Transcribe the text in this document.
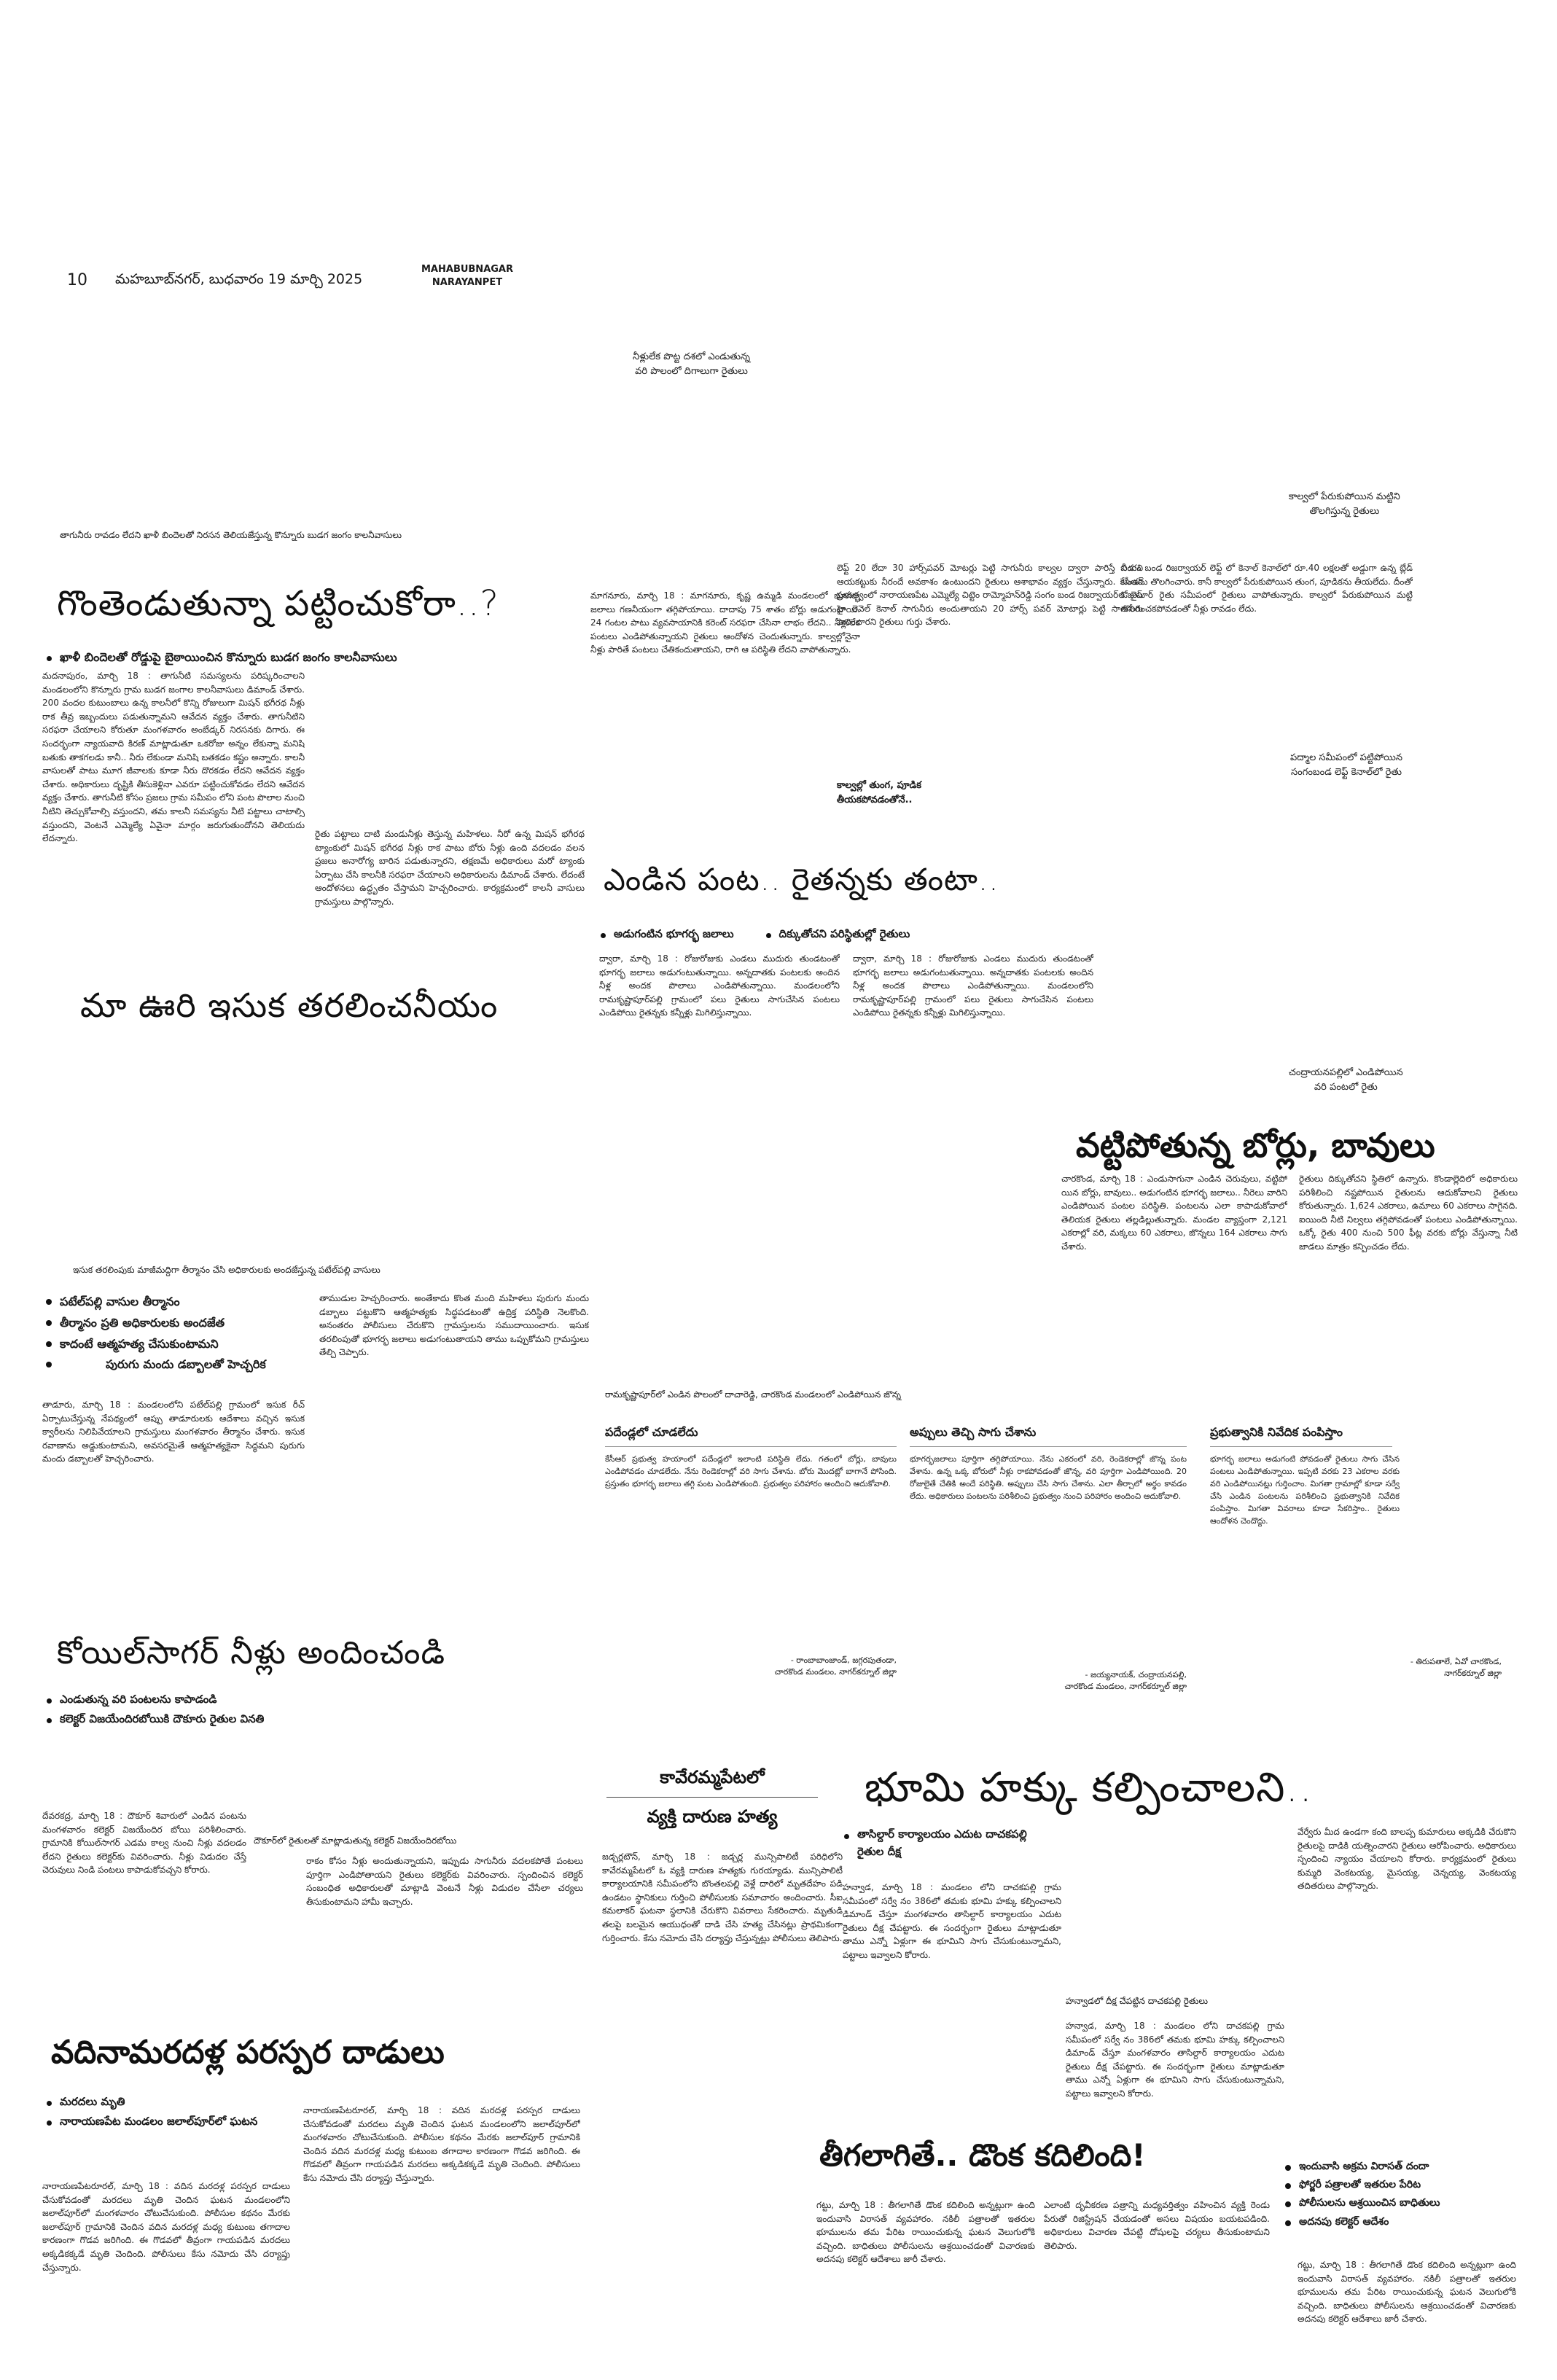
10 మహబూబ్‌నగర్, బుధవారం 19 మార్చి 2025
MAHABUBNAGAR
NARAYANPET
నీళ్లులేక పొట్ట దశలో ఎండుతున్న
వరి పొలంలో దిగాలుగా రైతులు
కాల్వలో పేరుకుపోయిన మట్టిని
తొలగిస్తున్న రైతులు
తాగునీరు రావడం లేదని ఖాళీ బిందెలతో నిరసన తెలియజేస్తున్న కొన్నూరు బుడగ జంగం కాలనీవాసులు
గొంతెండుతున్నా పట్టించుకోరా..?
ఖాళీ బిందెలతో రోడ్డుపై బైఠాయించిన కొన్నూరు బుడగ జంగం కాలనీవాసులు
మదనాపురం, మార్చి 18 : తాగునీటి సమస్యలను పరిష్కరించాలని మండలంలోని కొన్నూరు గ్రామ బుడగ జంగాల కాలనీవాసులు డిమాండ్ చేశారు. 200 వందల కుటుంబాలు ఉన్న కాలనీలో కొన్ని రోజులుగా మిషన్ భగీరథ నీళ్లు రాక తీవ్ర ఇబ్బందులు పడుతున్నామని ఆవేదన వ్యక్తం చేశారు. తాగునీటిని సరఫరా చేయాలని కోరుతూ మంగళవారం అంబేడ్కర్ నిరసనకు దిగారు. ఈ సందర్భంగా న్యాయవాది కిరణ్ మాట్లాడుతూ ఒకరోజు అన్నం లేకున్నా మనిషి బతుకు తాకగలడు కానీ.. నీరు లేకుండా మనిషి బతకడం కష్టం అన్నారు. కాలనీ వాసులతో పాటు మూగ జీవాలకు కూడా నీరు దొరకడం లేదని ఆవేదన వ్యక్తం చేశారు. అధికారులు దృష్టికి తీసుకెళ్లినా ఎవరూ పట్టించుకోవడం లేదని ఆవేదన వ్యక్తం చేశారు. తాగునీటి కోసం ప్రజలు గ్రామ సమీపం లోని పంట పొలాల నుంచి నీటిని తెచ్చుకోవాల్సి వస్తుందని, తమ కాలనీ సమస్యను నీటి పట్టాలు చాటాల్సి వస్తుందని, వెంటనే ఎమ్మెల్యే ఏవైనా మార్గం జరుగుతుందోనని తెలియదు లేదన్నారు.	రైతు పట్టాలు దాటి మండునీళ్లు తెస్తున్న మహిళలు. నీరో ఉన్న మిషన్ భగీరథ ట్యాంకులో మిషన్ భగీరథ నీళ్లు రాక పాటు బోరు నీళ్లు ఉంది వదలడం వలన ప్రజలు అనారోగ్య బారిన పడుతున్నారని, తక్షణమే అధికారులు మరో ట్యాంకు ఏర్పాటు చేసి కాలనీకి సరఫరా చేయాలని అధికారులను డిమాండ్ చేశారు. లేదంటే ఆందోళనలు ఉద్ధృతం చేస్తామని హెచ్చరించారు. కార్యక్రమంలో కాలనీ వాసులు గ్రామస్తులు పాల్గొన్నారు.
మా ఊరి ఇసుక తరలించనీయం
మాగనూరు, మార్చి 18 : మాగనూరు, కృష్ణ ఉమ్మడి మండలంలో భూగర్భ జలాలు గణనీయంగా తగ్గిపోయాయి. దాదాపు 75 శాతం బోర్లు అడుగంటాయి. 24 గంటల పాటు వ్యవసాయానికి కరెంట్ సరఫరా చేసినా లాభం లేదని.. నీళ్లులేక పంటలు ఎండిపోతున్నాయని రైతులు ఆందోళన చెందుతున్నారు. కాల్వల్లోనైనా నీళ్లు పారితే పంటలు చేతికందుతాయని, రాగి ఆ పరిస్థితి లేదని వాపోతున్నారు.
లెఫ్ట్ 20 లేదా 30 హార్స్‌పవర్ మోటర్లు పెట్టి సాగునీరు కాల్వల ద్వారా పారిస్తే బీడుని ఆయకట్టుకు నీరందే అవకాశం ఉంటుందని రైతులు ఆశాభావం వ్యక్తం చేస్తున్నారు. కేసీఆర్ ప్రభుత్వంలో నారాయణపేట ఎమ్మెల్యే చిట్టెం రామ్మోహన్‌రెడ్డి సంగం బండ రిజర్వాయర్‌లో బైస్ హై లెవెల్ కెనాల్ సాగునీరు అందుతాయని 20 హార్స్ పవర్ మోటార్లు పెట్టి సాగునీరు పారించారని రైతులు గుర్తు చేశారు.
కాల్వల్లో తుంగ, పూడిక తీయకపోవడంతోనే..
సంగం బండ రిజర్వాయర్ లెఫ్ట్ లో కెనాల్ కెనాల్‌లో రూ.40 లక్షలతో అడ్డుగా ఉన్న బ్లేడ్ బండను తొలగించారు. కానీ కాల్వలో పేరుకుపోయిన తుంగ, పూడికను తీయలేదు. దీంతో ఓజులూర్ రైతు సమీపంలో రైతులు వాపోతున్నారు. కాల్వలో పేరుకుపోయిన మట్టి తొలగించకపోవడంతో నీళ్లు రావడం లేదు.
పద్మాల సమీపంలో పట్టిపోయిన
సంగంబండ లెఫ్ట్ కెనాల్‌లో రైతు
ఎండిన పంట.. రైతన్నకు తంటా..
అడుగంటిన భూగర్భ జలాలు	దిక్కుతోచని పరిస్థితుల్లో రైతులు
ద్వారా, మార్చి 18 : రోజురోజుకు ఎండలు ముదురు తుండటంతో భూగర్భ జలాలు అడుగంటుతున్నాయి. అన్నదాతకు పంటలకు అందిన నీళ్ల అందక పొలాలు ఎండిపోతున్నాయి. మండలంలోని రామకృష్ణాపూర్‌పల్లి గ్రామంలో పలు రైతులు సాగుచేసిన పంటలు ఎండిపోయి రైతన్నకు కన్నీళ్లు మిగిలిస్తున్నాయి.
ద్వారా, మార్చి 18 : రోజురోజుకు ఎండలు ముదురు తుండటంతో భూగర్భ జలాలు అడుగంటుతున్నాయి. అన్నదాతకు పంటలకు అందిన నీళ్ల అందక పొలాలు ఎండిపోతున్నాయి. మండలంలోని రామకృష్ణాపూర్‌పల్లి గ్రామంలో పలు రైతులు సాగుచేసిన పంటలు ఎండిపోయి రైతన్నకు కన్నీళ్లు మిగిలిస్తున్నాయి.
చంద్రాయనపల్లిలో ఎండిపోయిన
వరి పంటలో రైతు
వట్టిపోతున్న బోర్లు, బావులు
చారకొండ, మార్చి 18 : ఎండుసాగునా ఎండిన చెరువులు, వట్టిపో యిన బోర్లు, బావులు.. అడుగంటిన భూగర్భ జలాలు.. నీరెలు వారిని ఎండిపోయిన పంటల పరిస్థితి. పంటలను ఎలా కాపాడుకోవాలో తెలియక రైతులు తల్లడిల్లుతున్నారు. మండల వ్యాప్తంగా 2,121 ఎకరాల్లో వరి, మక్కలు 60 ఎకరాలు, జొన్నలు 164 ఎకరాలు సాగు చేశారు.
రైతులు దిక్కుతోచని స్థితిలో ఉన్నారు. కొండాల్లెదిలో అధికారులు పరిశీలించి నష్టపోయిన రైతులను ఆదుకోవాలని రైతులు కోరుతున్నారు. 1,624 ఎకరాలు, ఉమాలు 60 ఎకరాలు సాగైనది. ఐయింది నీటి నిల్వలు తగ్గిపోవడంతో పంటలు ఎండిపోతున్నాయి. ఒక్కో రైతు 400 నుంచి 500 ఫీట్ల వరకు బోర్లు వేస్తున్నా నీటి జాడలు మాత్రం కన్పించడం లేదు.
ఇసుక తరలింపుకు మాజీమద్దిగా తీర్మానం చేసి అధికారులకు అందజేస్తున్న పటేల్‌పల్లి వాసులు
పటేల్‌పల్లి వాసుల తీర్మానం
తీర్మానం ప్రతి అధికారులకు అందజేత
కాదంటే ఆత్మహత్య చేసుకుంటామని
పురుగు మందు డబ్బాలతో హెచ్చరిక
తాడూరు, మార్చి 18 : మండలంలోని పటేల్‌పల్లి గ్రామంలో ఇసుక రీచ్ ఏర్పాటుచేస్తున్న నేపథ్యంలో ఆప్పు తాడూరులకు ఆదేశాలు వచ్చిన ఇసుక క్వారీలను నిలిపివేయాలని గ్రామస్తులు మంగళవారం తీర్మానం చేశారు. ఇసుక రవాణాను అడ్డుకుంటామని, అవసరమైతే ఆత్మహత్యకైనా సిద్ధమని పురుగు మందు డబ్బాలతో హెచ్చరించారు.
తాముడుల హెచ్చరించారు. అంతేకాదు కొంత మంది మహిళలు పురుగు మందు డబ్బాలు పట్టుకొని ఆత్మహత్యకు సిద్ధపడటంతో ఉద్రిక్త పరిస్థితి నెలకొంది. అనంతరం పోలీసులు చేరుకొని గ్రామస్తులను సముదాయించారు. ఇసుక తరలింపుతో భూగర్భ జలాలు అడుగంటుతాయని తాము ఒప్పుకోమని గ్రామస్తులు తేల్చి చెప్పారు.
రామకృష్ణాపూర్‌లో ఎండిన పొలంలో దాచారెడ్డి, చారకొండ మండలంలో ఎండిపోయిన జొన్న
పదేండ్లలో చూడలేదు
కేసీఆర్ ప్రభుత్వ హయాంలో పదేండ్లలో ఇలాంటి పరిస్థితి లేదు. గతంలో బోర్లు, బావులు ఎండిపోవడం చూడలేదు. నేను రెండెకరాల్లో వరి సాగు చేశాను. బోరు మొదట్లో బాగానే పోసింది. ప్రస్తుతం భూగర్భ జలాలు తగ్గి పంట ఎండిపోతుంది. ప్రభుత్వం పరిహారం అందించి ఆదుకోవాలి.
- రాంబాబాంజాండ్, జగ్గరపుతండా,
చారకొండ మండలం, నాగర్‌కర్నూల్ జిల్లా
అప్పులు తెచ్చి సాగు చేశాను
భూగర్భజలాలు పూర్తిగా తగ్గిపోయాయి. నేను ఎకరంలో వరి, రెండెకరాల్లో జొన్న పంట వేశాను. ఉన్న ఒక్క బోరులో నీళ్లు రాకపోవడంతో జొన్న, వరి పూర్తిగా ఎండిపోయింది. 20 రోజులైతే చేతికి అందే పరిస్థితి. అప్పులు చేసి సాగు చేశాను. ఎలా తీర్చాలో అర్థం కావడం లేదు. అధికారులు పంటలను పరిశీలించి ప్రభుత్వం నుంచి పరిహారం అందించి ఆదుకోవాలి.
- జయ్యనాయక్, చంద్రాయనపల్లి,
చారకొండ మండలం, నాగర్‌కర్నూల్ జిల్లా
ప్రభుత్వానికి నివేదిక పంపిస్తాం
భూగర్భ జలాలు అడుగంటి పోవడంతో రైతులు సాగు చేసిన పంటలు ఎండిపోతున్నాయి. ఇప్పటి వరకు 23 ఎకరాల వరకు వరి ఎండిపోయినట్లు గుర్తించాం. మిగతా గ్రామాల్లో కూడా సర్వే చేసి ఎండిన పంటలను పరిశీలించి ప్రభుత్వానికి నివేదిక పంపిస్తాం. మిగతా వివరాలు కూడా సేకరిస్తాం.. రైతులు ఆందోళన చెందొద్దు.
- తిరుపతాలే, ఏవో చారకొండ,
నాగర్‌కర్నూల్ జిల్లా
కోయిల్‌సాగర్ నీళ్లు అందించండి
ఎండుతున్న వరి పంటలను కాపాడండి
కలెక్టర్ విజయేందిరబోయికి దౌకూరు రైతుల వినతి
దేవరకద్ర, మార్చి 18 : దౌకూర్ శివారులో ఎండిన పంటను మంగళవారం కలెక్టర్ విజయేందిర బోయి పరిశీలించారు. గ్రామానికి కోయిల్‌సాగర్ ఎడమ కాల్వ నుంచి నీళ్లు వదలడం లేదని రైతులు కలెక్టర్‌కు వివరించారు. నీళ్లు విడుదల చేస్తే చెరువులు నిండి పంటలు కాపాడుకోవచ్చని కోరారు.
దౌకూర్‌లో రైతులతో మాట్లాడుతున్న కలెక్టర్ విజయేందిరబోయి
రాకం కోసం నీళ్లు అందుతున్నాయని, ఇప్పుడు సాగునీరు వదలకపోతే పంటలు పూర్తిగా ఎండిపోతాయని రైతులు కలెక్టర్‌కు వివరించారు. స్పందించిన కలెక్టర్ సంబంధిత అధికారులతో మాట్లాడి వెంటనే నీళ్లు విడుదల చేసేలా చర్యలు తీసుకుంటామని హామీ ఇచ్చారు.
వదినామరదళ్ల పరస్పర దాడులు
మరదలు మృతి
నారాయణపేట మండలం జలాల్‌పూర్‌లో ఘటన
నారాయణపేటరూరల్, మార్చి 18 : వదిన మరదళ్ల పరస్పర దాడులు చేసుకోవడంతో మరదలు మృతి చెందిన ఘటన మండలంలోని జలాల్‌పూర్‌లో మంగళవారం చోటుచేసుకుంది. పోలీసుల కథనం మేరకు జలాల్‌పూర్ గ్రామానికి చెందిన వదిన మరదళ్ల మధ్య కుటుంబ తగాదాల కారణంగా గొడవ జరిగింది. ఈ గొడవలో తీవ్రంగా గాయపడిన మరదలు అక్కడికక్కడే మృతి చెందింది. పోలీసులు కేసు నమోదు చేసి దర్యాప్తు చేస్తున్నారు.
నారాయణపేటరూరల్, మార్చి 18 : వదిన మరదళ్ల పరస్పర దాడులు చేసుకోవడంతో మరదలు మృతి చెందిన ఘటన మండలంలోని జలాల్‌పూర్‌లో మంగళవారం చోటుచేసుకుంది. పోలీసుల కథనం మేరకు జలాల్‌పూర్ గ్రామానికి చెందిన వదిన మరదళ్ల మధ్య కుటుంబ తగాదాల కారణంగా గొడవ జరిగింది. ఈ గొడవలో తీవ్రంగా గాయపడిన మరదలు అక్కడికక్కడే మృతి చెందింది. పోలీసులు కేసు నమోదు చేసి దర్యాప్తు చేస్తున్నారు.
కావేరమ్మపేటలో
వ్యక్తి దారుణ హత్య
జడ్చర్లటౌన్, మార్చి 18 : జడ్చర్ల మున్సిపాలిటీ పరిధిలోని కావేరమ్మపేటలో ఓ వ్యక్తి దారుణ హత్యకు గురయ్యాడు. మున్సిపాలిటీ కార్యాలయానికి సమీపంలోని బొంతలపల్లి వెళ్లే దారిలో మృతదేహం పడి ఉండటం స్థానికులు గుర్తించి పోలీసులకు సమాచారం అందించారు. సీఐ కమలాకర్ ఘటనా స్థలానికి చేరుకొని వివరాలు సేకరించారు. మృతుడి తలపై బలమైన ఆయుధంతో దాడి చేసి హత్య చేసినట్లు ప్రాథమికంగా గుర్తించారు. కేసు నమోదు చేసి దర్యాప్తు చేస్తున్నట్లు పోలీసులు తెలిపారు.
భూమి హక్కు కల్పించాలని..
తాసిల్దార్ కార్యాలయం ఎదుట దాచకపల్లి రైతుల దీక్ష
హన్వాడ, మార్చి 18 : మండలం లోని దాచకపల్లి గ్రామ సమీపంలో సర్వే నం 386లో తమకు భూమి హక్కు కల్పించాలని డిమాండ్ చేస్తూ మంగళవారం తాసిల్దార్ కార్యాలయం ఎదుట రైతులు దీక్ష చేపట్టారు. ఈ సందర్భంగా రైతులు మాట్లాడుతూ తాము ఎన్నో ఏళ్లుగా ఈ భూమిని సాగు చేసుకుంటున్నామని, పట్టాలు ఇవ్వాలని కోరారు.
హన్వాడలో దీక్ష చేపట్టిన దాచకపల్లి రైతులు
హన్వాడ, మార్చి 18 : మండలం లోని దాచకపల్లి గ్రామ సమీపంలో సర్వే నం 386లో తమకు భూమి హక్కు కల్పించాలని డిమాండ్ చేస్తూ మంగళవారం తాసిల్దార్ కార్యాలయం ఎదుట రైతులు దీక్ష చేపట్టారు. ఈ సందర్భంగా రైతులు మాట్లాడుతూ తాము ఎన్నో ఏళ్లుగా ఈ భూమిని సాగు చేసుకుంటున్నామని, పట్టాలు ఇవ్వాలని కోరారు.
వేర్వేరు మీద ఉండగా కంది బాలప్ప కుమారులు అక్కడికి చేరుకొని రైతులపై దాడికి యత్నించారని రైతులు ఆరోపించారు. అధికారులు స్పందించి న్యాయం చేయాలని కోరారు. కార్యక్రమంలో రైతులు కుమ్మరి వెంకటయ్య, మైసయ్య, చెన్నయ్య, వెంకటయ్య తదితరులు పాల్గొన్నారు.
తీగలాగితే.. డొంక కదిలింది!	ఇందువాసి అక్రమ విరాసత్ దందా
ఫోర్జరీ పత్రాలతో ఇతరుల పేరిట
పోలీసులను ఆశ్రయించిన బాధితులు
అదనపు కలెక్టర్ ఆదేశం
గట్టు, మార్చి 18 : తీగలాగితే డొంక కదిలింది అన్నట్లుగా ఉంది ఇందువాసి విరాసత్ వ్యవహారం. నకిలీ పత్రాలతో ఇతరుల భూములను తమ పేరిట రాయించుకున్న ఘటన వెలుగులోకి వచ్చింది. బాధితులు పోలీసులను ఆశ్రయించడంతో విచారణకు అదనపు కలెక్టర్ ఆదేశాలు జారీ చేశారు.
ఎలాంటి దృవీకరణ పత్రాన్ని మధ్యవర్తిత్వం వహించిన వ్యక్తి రెండు పేరుతో రిజిస్ట్రేషన్ చేయడంతో అసలు విషయం బయటపడింది. అధికారులు విచారణ చేపట్టి దోషులపై చర్యలు తీసుకుంటామని తెలిపారు.
గట్టు, మార్చి 18 : తీగలాగితే డొంక కదిలింది అన్నట్లుగా ఉంది ఇందువాసి విరాసత్ వ్యవహారం. నకిలీ పత్రాలతో ఇతరుల భూములను తమ పేరిట రాయించుకున్న ఘటన వెలుగులోకి వచ్చింది. బాధితులు పోలీసులను ఆశ్రయించడంతో విచారణకు అదనపు కలెక్టర్ ఆదేశాలు జారీ చేశారు.
